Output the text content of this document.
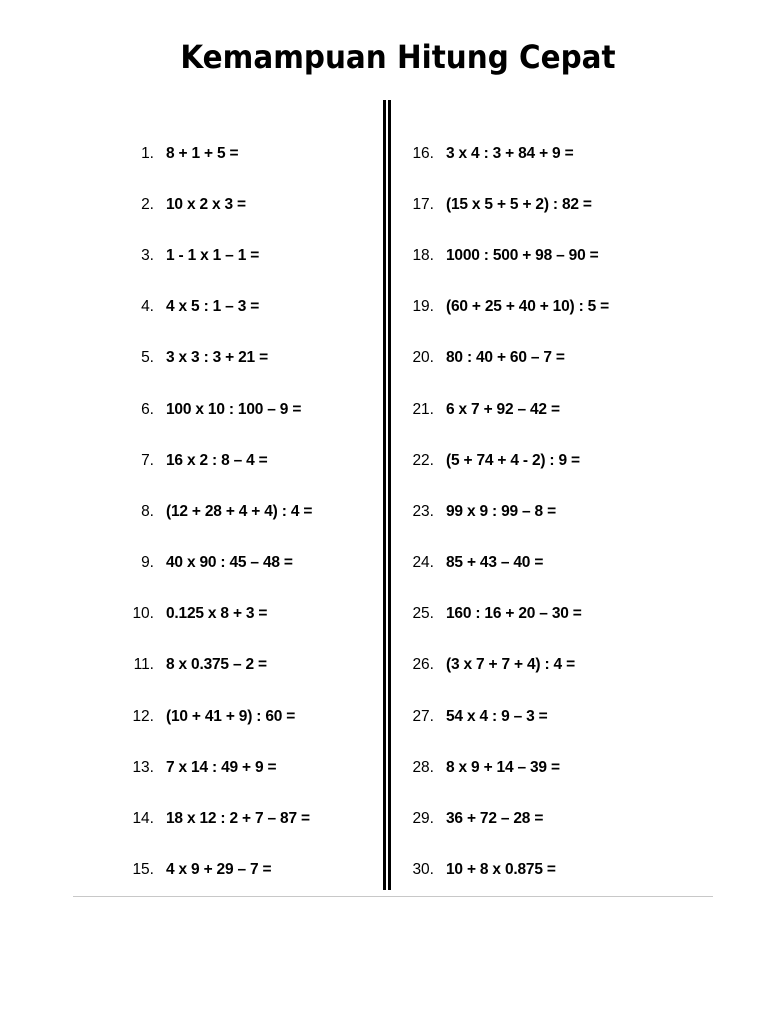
Kemampuan Hitung Cepat
1. 8 + 1 + 5 =
2. 10 x 2 x 3 =
3. 1 - 1 x 1 – 1 =
4. 4 x 5 : 1 – 3 =
5. 3 x 3 : 3 + 21 =
6. 100 x 10 : 100 – 9 =
7. 16 x 2 : 8 – 4 =
8. (12 + 28 + 4 + 4) : 4 =
9. 40 x 90 : 45 – 48 =
10. 0.125 x 8 + 3 =
11. 8 x 0.375 – 2 =
12. (10 + 41 + 9) : 60 =
13. 7 x 14 : 49 + 9 =
14. 18 x 12 : 2 + 7 – 87 =
15. 4 x 9 + 29 – 7 =
16. 3 x 4 : 3 + 84 + 9 =
17. (15 x 5 + 5 + 2) : 82 =
18. 1000 : 500 + 98 – 90 =
19. (60 + 25 + 40 + 10) : 5 =
20. 80 : 40 + 60 – 7 =
21. 6 x 7 + 92 – 42 =
22. (5 + 74 + 4 - 2) : 9 =
23. 99 x 9 : 99 – 8 =
24. 85 + 43 – 40 =
25. 160 : 16 + 20 – 30 =
26. (3 x 7 + 7 + 4) : 4 =
27. 54 x 4 : 9 – 3 =
28. 8 x 9 + 14 – 39 =
29. 36 + 72 – 28 =
30. 10 + 8 x 0.875 =
